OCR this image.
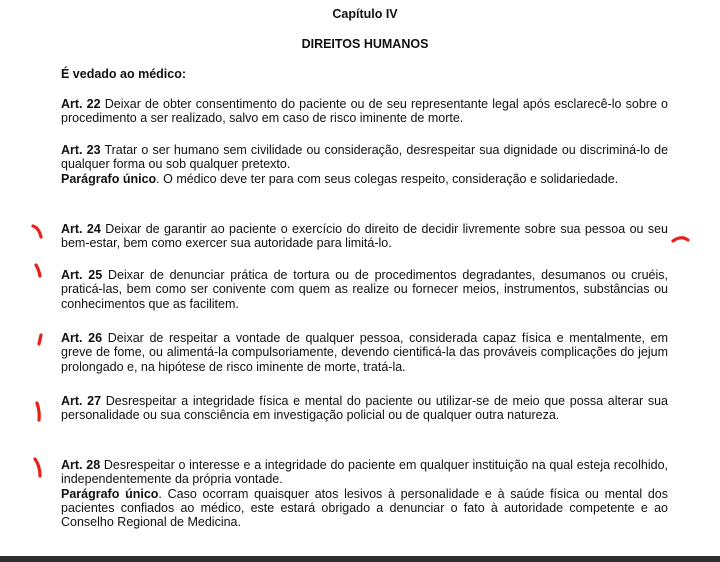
Capítulo IV
DIREITOS HUMANOS
É vedado ao médico:
Art. 22 Deixar de obter consentimento do paciente ou de seu representante legal após esclarecê-lo sobre o procedimento a ser realizado, salvo em caso de risco iminente de morte.
Art. 23 Tratar o ser humano sem civilidade ou consideração, desrespeitar sua dignidade ou discriminá-lo de qualquer forma ou sob qualquer pretexto.
Parágrafo único. O médico deve ter para com seus colegas respeito, consideração e solidariedade.
Art. 24 Deixar de garantir ao paciente o exercício do direito de decidir livremente sobre sua pessoa ou seu bem-estar, bem como exercer sua autoridade para limitá-lo.
Art. 25 Deixar de denunciar prática de tortura ou de procedimentos degradantes, desumanos ou cruéis, praticá-las, bem como ser conivente com quem as realize ou fornecer meios, instrumentos, substâncias ou conhecimentos que as facilitem.
Art. 26 Deixar de respeitar a vontade de qualquer pessoa, considerada capaz física e mentalmente, em greve de fome, ou alimentá-la compulsoriamente, devendo cientificá-la das prováveis complicações do jejum prolongado e, na hipótese de risco iminente de morte, tratá-la.
Art. 27 Desrespeitar a integridade física e mental do paciente ou utilizar-se de meio que possa alterar sua personalidade ou sua consciência em investigação policial ou de qualquer outra natureza.
Art. 28 Desrespeitar o interesse e a integridade do paciente em qualquer instituição na qual esteja recolhido, independentemente da própria vontade.
Parágrafo único. Caso ocorram quaisquer atos lesivos à personalidade e à saúde física ou mental dos pacientes confiados ao médico, este estará obrigado a denunciar o fato à autoridade competente e ao Conselho Regional de Medicina.
